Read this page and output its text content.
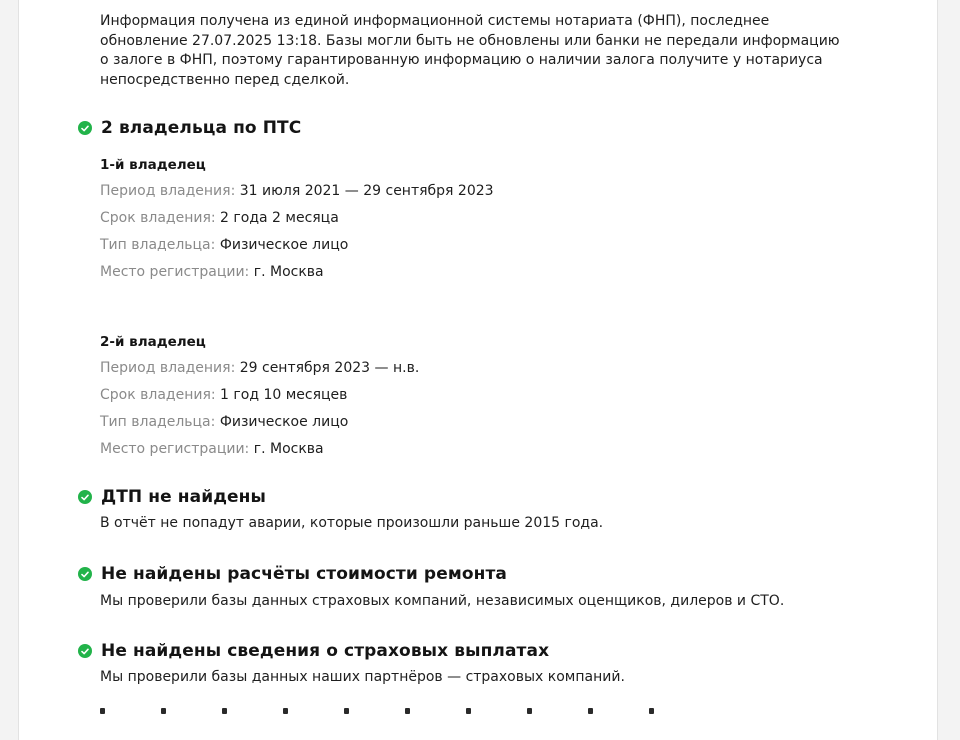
Информация получена из единой информационной системы нотариата (ФНП), последнее обновление 27.07.2025 13:18. Базы могли быть не обновлены или банки не передали информацию о залоге в ФНП, поэтому гарантированную информацию о наличии залога получите у нотариуса непосредственно перед сделкой.

2 владельца по ПТС
1-й владелец
Период владения: 31 июля 2021 — 29 сентября 2023
Срок владения: 2 года 2 месяца
Тип владельца: Физическое лицо
Место регистрации: г. Москва
2-й владелец
Период владения: 29 сентября 2023 — н.в.
Срок владения: 1 год 10 месяцев
Тип владельца: Физическое лицо
Место регистрации: г. Москва
ДТП не найдены
В отчёт не попадут аварии, которые произошли раньше 2015 года.
Не найдены расчёты стоимости ремонта
Мы проверили базы данных страховых компаний, независимых оценщиков, дилеров и СТО.
Не найдены сведения о страховых выплатах
Мы проверили базы данных наших партнёров — страховых компаний.
